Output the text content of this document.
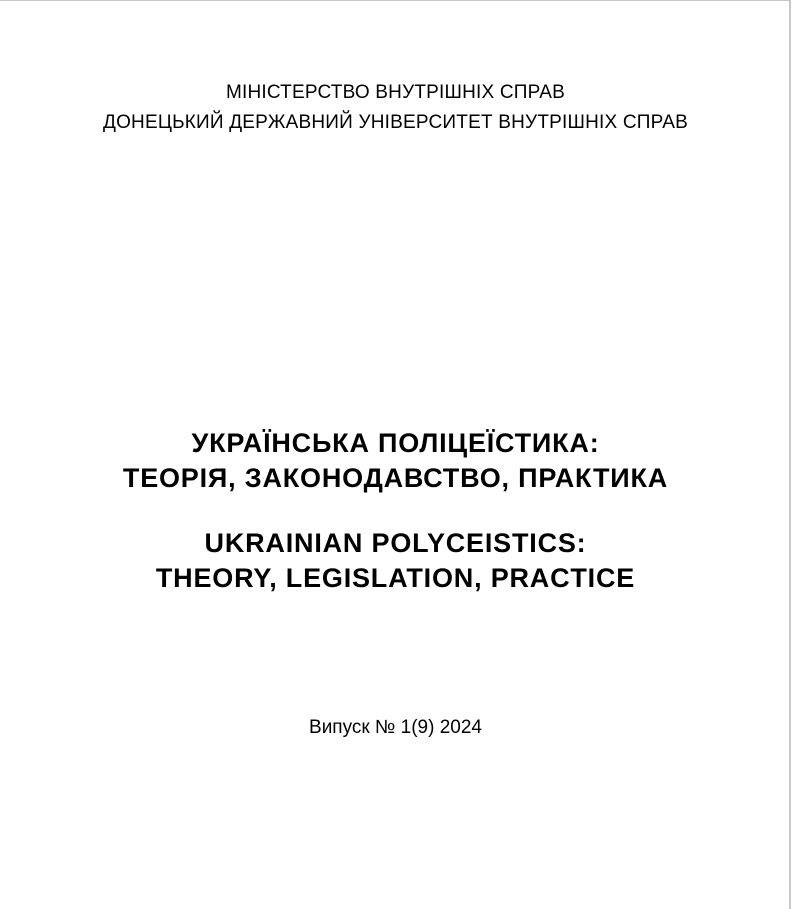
МІНІСТЕРСТВО ВНУТРІШНІХ СПРАВ
ДОНЕЦЬКИЙ ДЕРЖАВНИЙ УНІВЕРСИТЕТ ВНУТРІШНІХ СПРАВ
УКРАЇНСЬКА ПОЛІЦЕЇСТИКА:
ТЕОРІЯ, ЗАКОНОДАВСТВО, ПРАКТИКА
UKRAINIAN POLYCEISTICS:
THEORY, LEGISLATION, PRACTICE
Випуск № 1(9) 2024
